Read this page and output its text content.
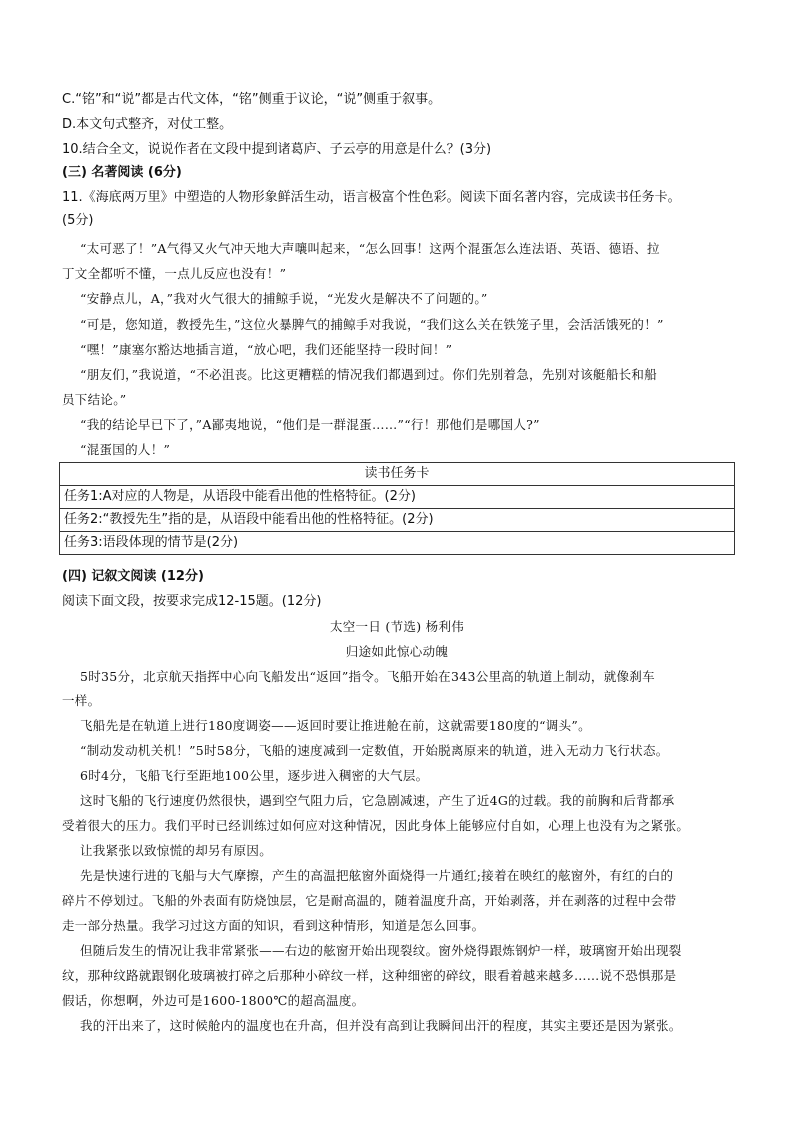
C.“铭”和“说”都是古代文体，“铭”侧重于议论，“说”侧重于叙事。
D.本文句式整齐，对仗工整。
10.结合全文，说说作者在文段中提到诸葛庐、子云亭的用意是什么？(3分)
(三) 名著阅读 (6分)
11.《海底两万里》中塑造的人物形象鲜活生动，语言极富个性色彩。阅读下面名著内容，完成读书任务卡。
(5分)
“太可恶了！”A气得又火气冲天地大声嚷叫起来，“怎么回事！这两个混蛋怎么连法语、英语、德语、拉
丁文全都听不懂，一点儿反应也没有！”
“安静点儿，A，”我对火气很大的捕鲸手说，“光发火是解决不了问题的。”
“可是，您知道，教授先生，”这位火暴脾气的捕鲸手对我说，“我们这么关在铁笼子里，会活活饿死的！”
“嘿！”康塞尔豁达地插言道，“放心吧，我们还能坚持一段时间！”
“朋友们，”我说道，“不必沮丧。比这更糟糕的情况我们都遇到过。你们先别着急，先别对该艇船长和船
员下结论。”
“我的结论早已下了，”A鄙夷地说，“他们是一群混蛋……”“行！那他们是哪国人?”
“混蛋国的人！”
读书任务卡
任务1:A对应的人物是，从语段中能看出他的性格特征。(2分)
任务2:“教授先生”指的是，从语段中能看出他的性格特征。(2分)
任务3:语段体现的情节是(2分)
(四) 记叙文阅读 (12分)
阅读下面文段，按要求完成12-15题。(12分)
太空一日 (节选) 杨利伟
归途如此惊心动魄
5时35分，北京航天指挥中心向飞船发出“返回”指令。飞船开始在343公里高的轨道上制动，就像刹车
一样。
飞船先是在轨道上进行180度调姿——返回时要让推进舱在前，这就需要180度的“调头”。
“制动发动机关机！”5时58分，飞船的速度减到一定数值，开始脱离原来的轨道，进入无动力飞行状态。
6时4分，飞船飞行至距地100公里，逐步进入稠密的大气层。
这时飞船的飞行速度仍然很快，遇到空气阻力后，它急剧减速，产生了近4G的过载。我的前胸和后背都承
受着很大的压力。我们平时已经训练过如何应对这种情况，因此身体上能够应付自如，心理上也没有为之紧张。
让我紧张以致惊慌的却另有原因。
先是快速行进的飞船与大气摩擦，产生的高温把舷窗外面烧得一片通红;接着在映红的舷窗外，有红的白的
碎片不停划过。飞船的外表面有防烧蚀层，它是耐高温的，随着温度升高，开始剥落，并在剥落的过程中会带
走一部分热量。我学习过这方面的知识，看到这种情形，知道是怎么回事。
但随后发生的情况让我非常紧张——右边的舷窗开始出现裂纹。窗外烧得跟炼钢炉一样，玻璃窗开始出现裂
纹，那种纹路就跟钢化玻璃被打碎之后那种小碎纹一样，这种细密的碎纹，眼看着越来越多……说不恐惧那是
假话，你想啊，外边可是1600-1800℃的超高温度。
我的汗出来了，这时候舱内的温度也在升高，但并没有高到让我瞬间出汗的程度，其实主要还是因为紧张。
